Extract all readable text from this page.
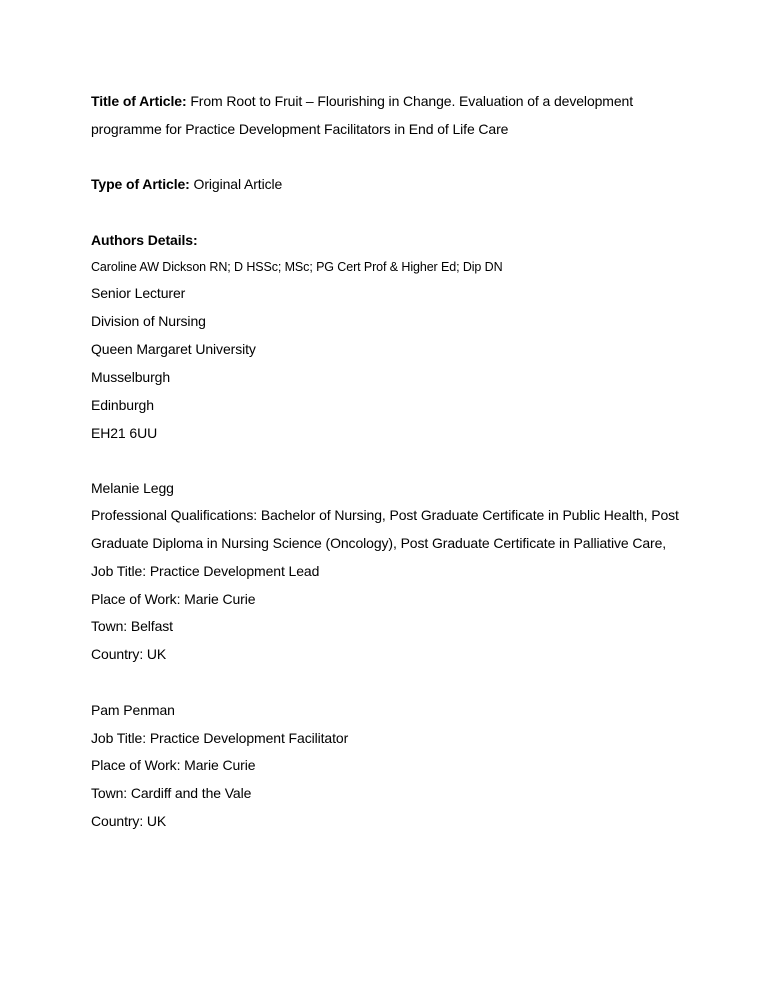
Title of Article: From Root to Fruit – Flourishing in Change. Evaluation of a development
programme for Practice Development Facilitators in End of Life Care
Type of Article: Original Article
Authors Details:
Caroline AW Dickson RN; D HSSc; MSc; PG Cert Prof & Higher Ed; Dip DN
Senior Lecturer
Division of Nursing
Queen Margaret University
Musselburgh
Edinburgh
EH21 6UU
Melanie Legg
Professional Qualifications: Bachelor of Nursing, Post Graduate Certificate in Public Health, Post
Graduate Diploma in Nursing Science (Oncology), Post Graduate Certificate in Palliative Care,
Job Title: Practice Development Lead
Place of Work: Marie Curie
Town: Belfast
Country: UK
Pam Penman
Job Title: Practice Development Facilitator
Place of Work: Marie Curie
Town: Cardiff and the Vale
Country: UK
